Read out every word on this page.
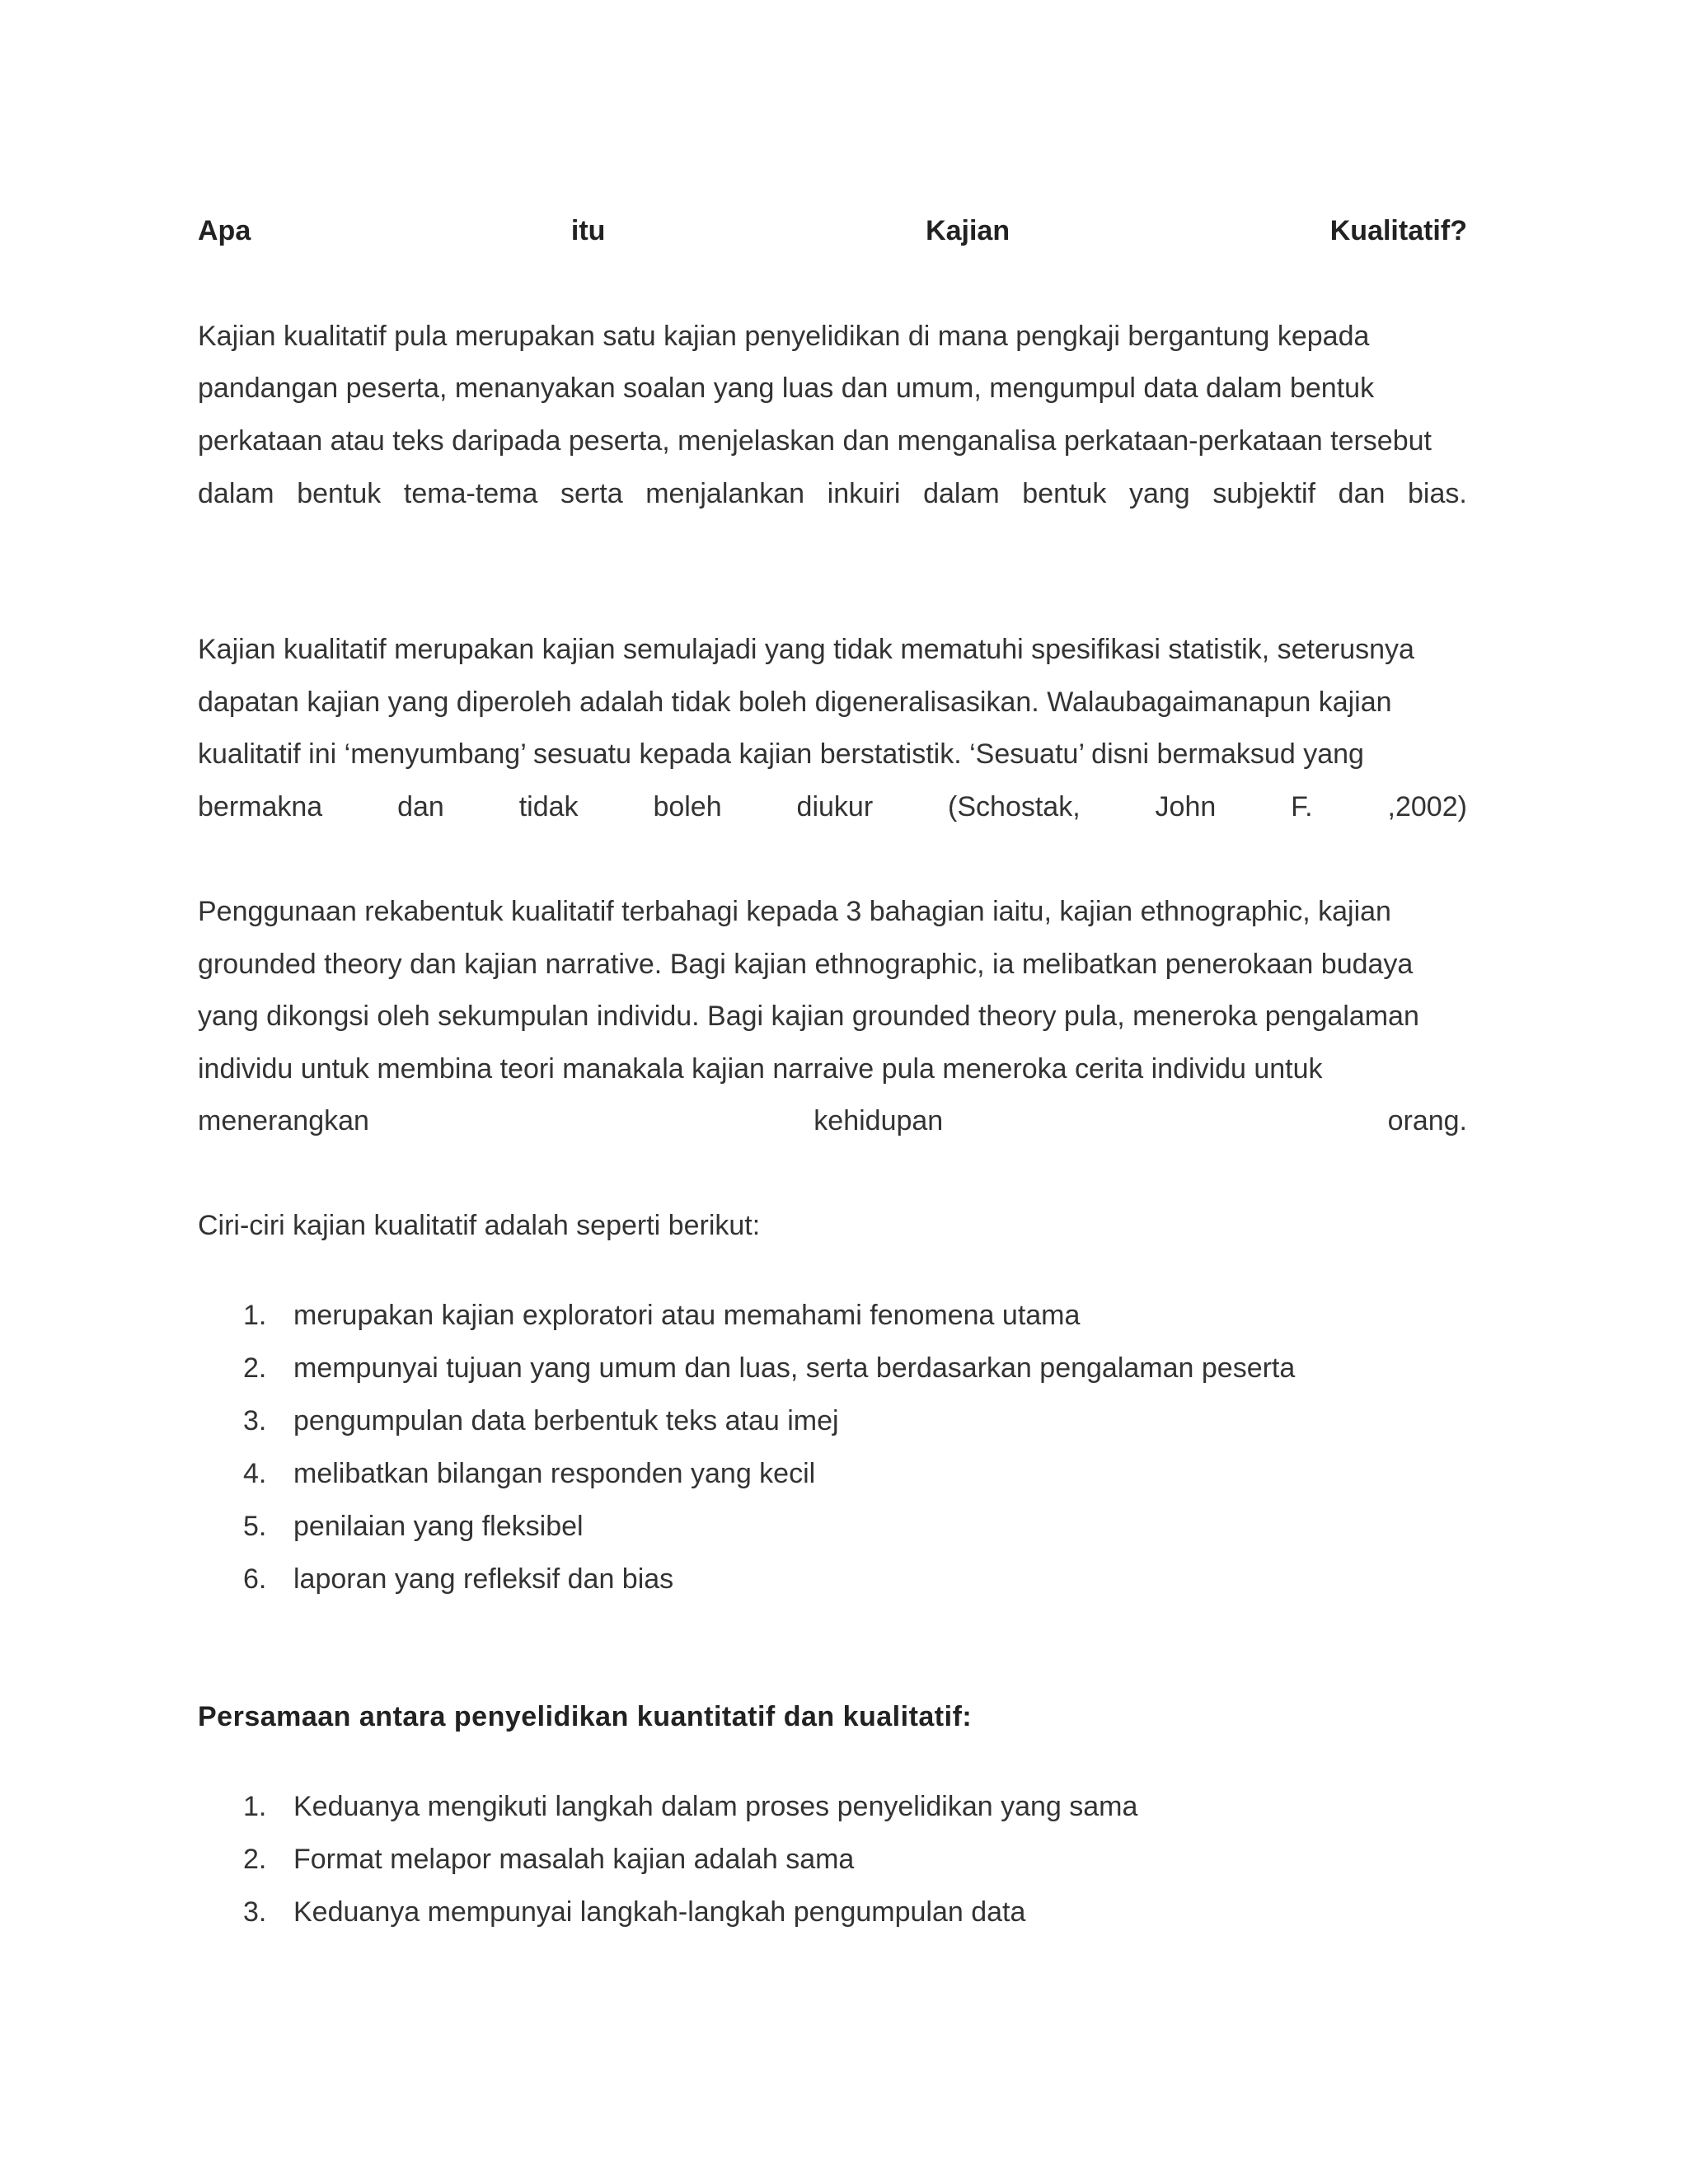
Apa	itu	Kajian	Kualitatif?
Kajian kualitatif pula merupakan satu kajian penyelidikan di mana pengkaji bergantung kepada
pandangan peserta, menanyakan soalan yang luas dan umum, mengumpul data dalam bentuk
perkataan atau teks daripada peserta, menjelaskan dan menganalisa perkataan-perkataan tersebut
dalam bentuk tema-tema serta menjalankan inkuiri dalam bentuk yang subjektif dan bias.
Kajian kualitatif merupakan kajian semulajadi yang tidak mematuhi spesifikasi statistik, seterusnya
dapatan kajian yang diperoleh adalah tidak boleh digeneralisasikan. Walaubagaimanapun kajian
kualitatif ini ‘menyumbang’ sesuatu kepada kajian berstatistik. ‘Sesuatu’ disni bermaksud yang
bermakna	dan	tidak	boleh	diukur	(Schostak,	John	F.	,2002)
Penggunaan rekabentuk kualitatif terbahagi kepada 3 bahagian iaitu, kajian ethnographic, kajian
grounded theory dan kajian narrative. Bagi kajian ethnographic, ia melibatkan penerokaan budaya
yang dikongsi oleh sekumpulan individu. Bagi kajian grounded theory pula, meneroka pengalaman
individu untuk membina teori manakala kajian narraive pula meneroka cerita individu untuk
menerangkan	kehidupan	orang.
Ciri-ciri kajian kualitatif adalah seperti berikut:
1. merupakan kajian exploratori atau memahami fenomena utama
2. mempunyai tujuan yang umum dan luas, serta berdasarkan pengalaman peserta
3. pengumpulan data berbentuk teks atau imej
4. melibatkan bilangan responden yang kecil
5. penilaian yang fleksibel
6. laporan yang refleksif dan bias
Persamaan antara penyelidikan kuantitatif dan kualitatif:
1. Keduanya mengikuti langkah dalam proses penyelidikan yang sama
2. Format melapor masalah kajian adalah sama
3. Keduanya mempunyai langkah-langkah pengumpulan data
